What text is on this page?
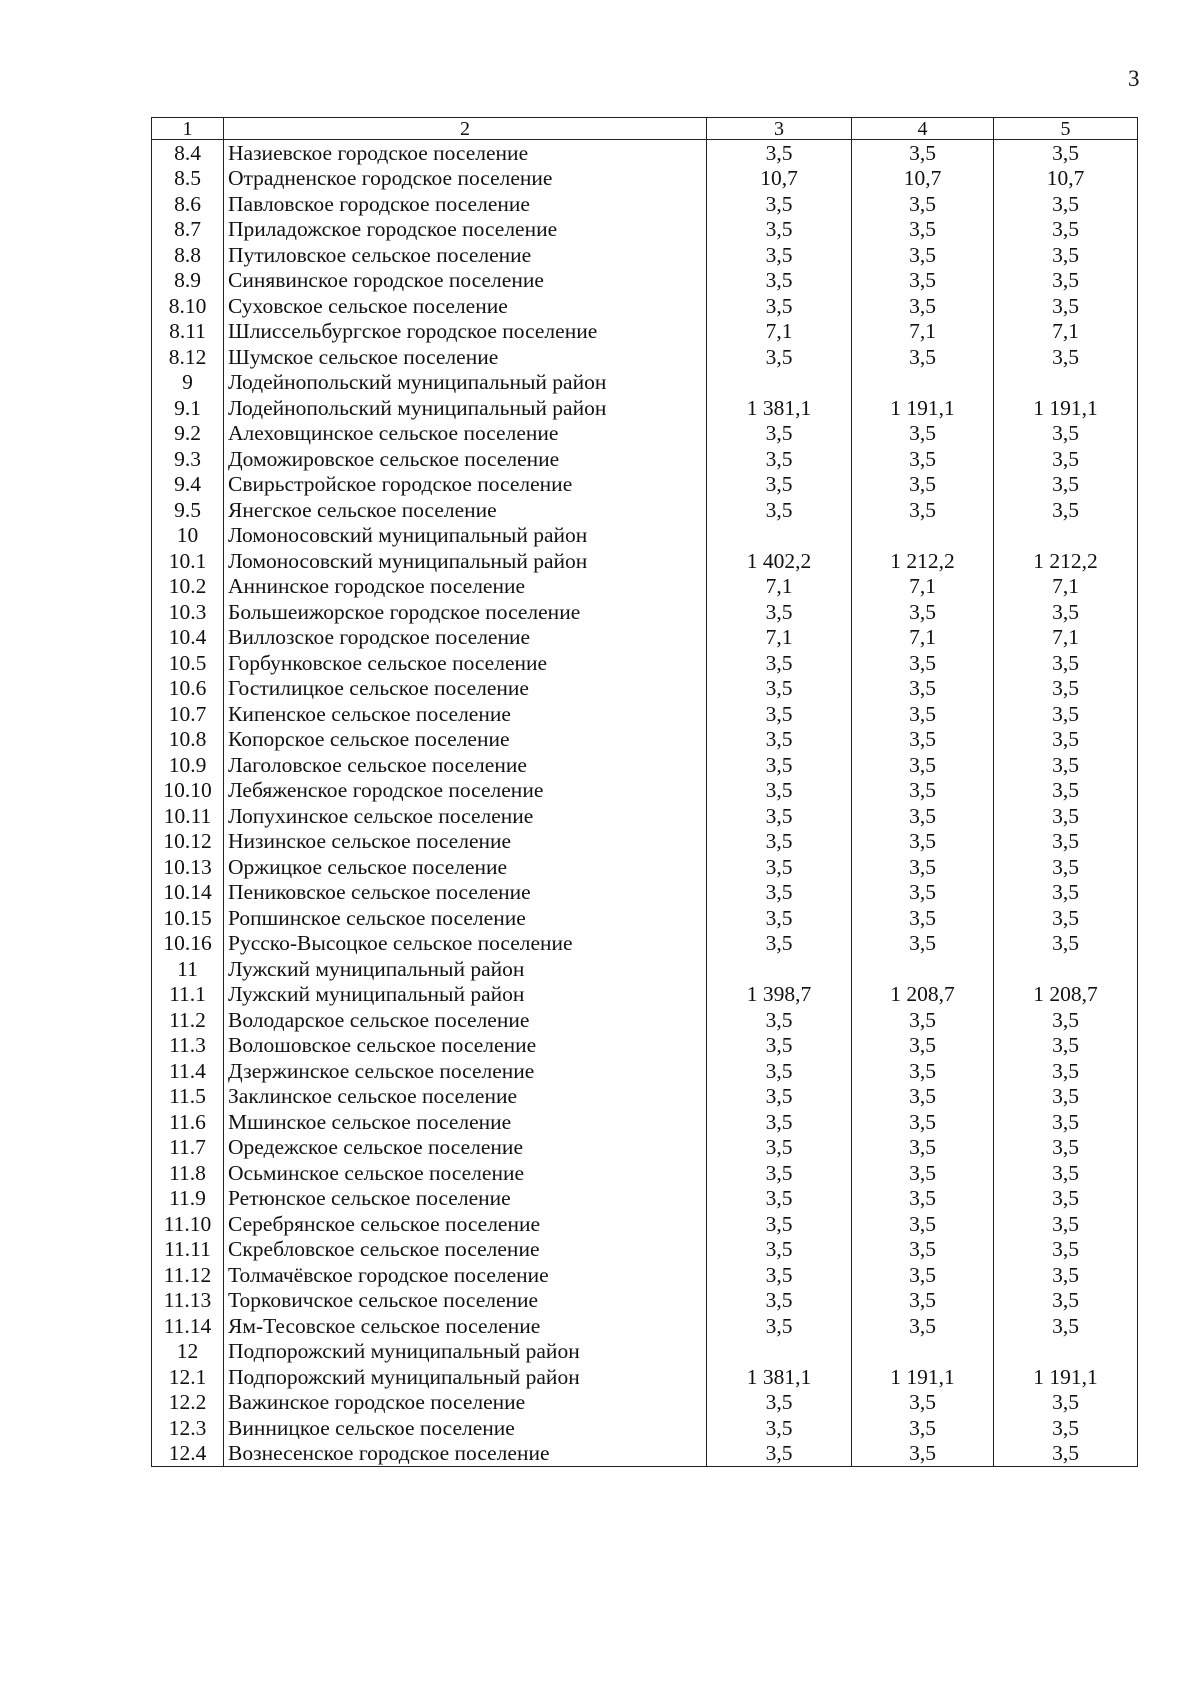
3
1	2	3	4	5
8.4	Назиевское городское поселение	3,5	3,5	3,5
8.5	Отрадненское городское поселение	10,7	10,7	10,7
8.6	Павловское городское поселение	3,5	3,5	3,5
8.7	Приладожское городское поселение	3,5	3,5	3,5
8.8	Путиловское сельское поселение	3,5	3,5	3,5
8.9	Синявинское городское поселение	3,5	3,5	3,5
8.10	Суховское сельское поселение	3,5	3,5	3,5
8.11	Шлиссельбургское городское поселение	7,1	7,1	7,1
8.12	Шумское сельское поселение	3,5	3,5	3,5
9	Лодейнопольский муниципальный район			
9.1	Лодейнопольский муниципальный район	1 381,1	1 191,1	1 191,1
9.2	Алеховщинское сельское поселение	3,5	3,5	3,5
9.3	Доможировское сельское поселение	3,5	3,5	3,5
9.4	Свирьстройское городское поселение	3,5	3,5	3,5
9.5	Янегское сельское поселение	3,5	3,5	3,5
10	Ломоносовский муниципальный район			
10.1	Ломоносовский муниципальный район	1 402,2	1 212,2	1 212,2
10.2	Аннинское городское поселение	7,1	7,1	7,1
10.3	Большеижорское городское поселение	3,5	3,5	3,5
10.4	Виллозское городское поселение	7,1	7,1	7,1
10.5	Горбунковское сельское поселение	3,5	3,5	3,5
10.6	Гостилицкое сельское поселение	3,5	3,5	3,5
10.7	Кипенское сельское поселение	3,5	3,5	3,5
10.8	Копорское сельское поселение	3,5	3,5	3,5
10.9	Лаголовское сельское поселение	3,5	3,5	3,5
10.10	Лебяженское городское поселение	3,5	3,5	3,5
10.11	Лопухинское сельское поселение	3,5	3,5	3,5
10.12	Низинское сельское поселение	3,5	3,5	3,5
10.13	Оржицкое сельское поселение	3,5	3,5	3,5
10.14	Пениковское сельское поселение	3,5	3,5	3,5
10.15	Ропшинское сельское поселение	3,5	3,5	3,5
10.16	Русско-Высоцкое сельское поселение	3,5	3,5	3,5
11	Лужский муниципальный район			
11.1	Лужский муниципальный район	1 398,7	1 208,7	1 208,7
11.2	Володарское сельское поселение	3,5	3,5	3,5
11.3	Волошовское сельское поселение	3,5	3,5	3,5
11.4	Дзержинское сельское поселение	3,5	3,5	3,5
11.5	Заклинское сельское поселение	3,5	3,5	3,5
11.6	Мшинское сельское поселение	3,5	3,5	3,5
11.7	Оредежское сельское поселение	3,5	3,5	3,5
11.8	Осьминское сельское поселение	3,5	3,5	3,5
11.9	Ретюнское сельское поселение	3,5	3,5	3,5
11.10	Серебрянское сельское поселение	3,5	3,5	3,5
11.11	Скребловское сельское поселение	3,5	3,5	3,5
11.12	Толмачёвское городское поселение	3,5	3,5	3,5
11.13	Торковичское сельское поселение	3,5	3,5	3,5
11.14	Ям-Тесовское сельское поселение	3,5	3,5	3,5
12	Подпорожский муниципальный район			
12.1	Подпорожский муниципальный район	1 381,1	1 191,1	1 191,1
12.2	Важинское городское поселение	3,5	3,5	3,5
12.3	Винницкое сельское поселение	3,5	3,5	3,5
12.4	Вознесенское городское поселение	3,5	3,5	3,5
